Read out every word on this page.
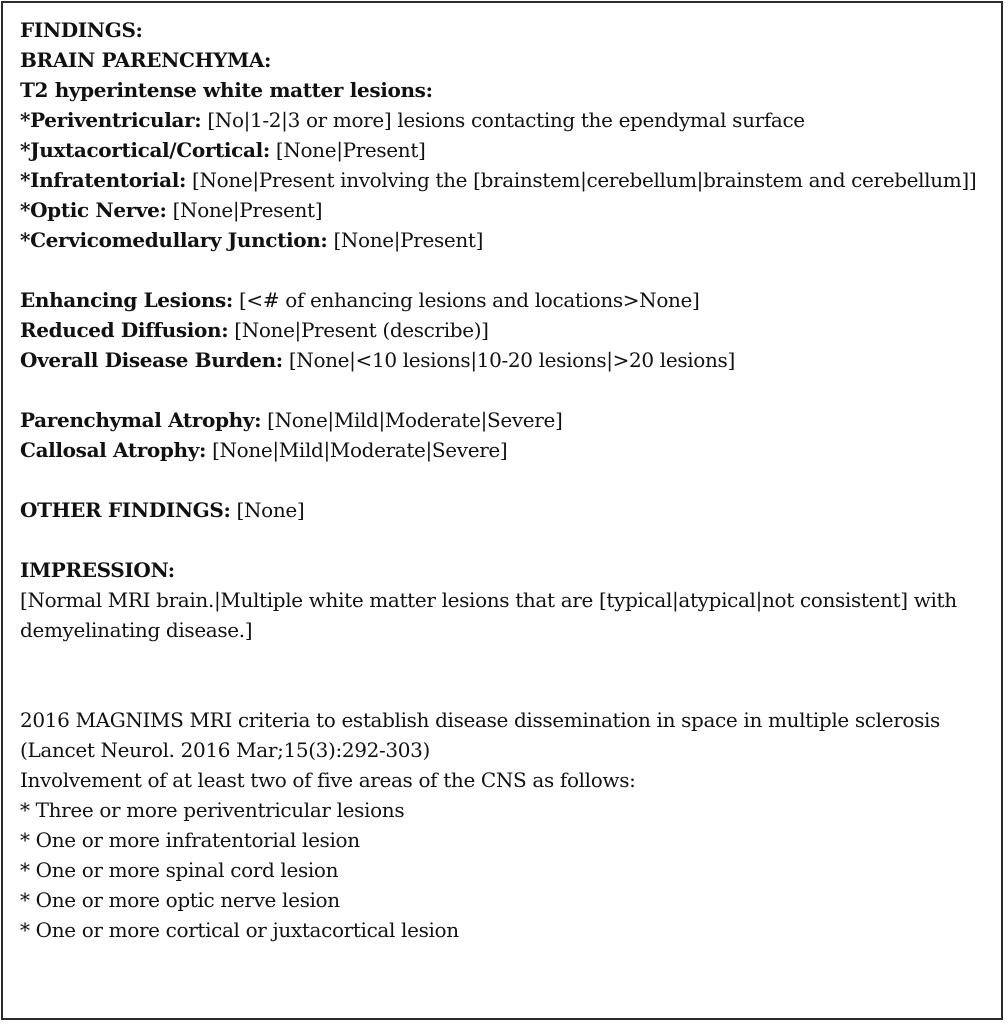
FINDINGS:

BRAIN PARENCHYMA:

T2 hyperintense white matter lesions:

*Periventricular: [No|1-2|3 or more] lesions contacting the ependymal surface

*Juxtacortical/Cortical: [None|Present]

*Infratentorial: [None|Present involving the [brainstem|cerebellum|brainstem and cerebellum]]

*Optic Nerve: [None|Present]

*Cervicomedullary Junction: [None|Present]

Enhancing Lesions: [<# of enhancing lesions and locations>None]

Reduced Diffusion: [None|Present (describe)]

Overall Disease Burden: [None|<10 lesions|10-20 lesions|>20 lesions]

Parenchymal Atrophy: [None|Mild|Moderate|Severe]

Callosal Atrophy: [None|Mild|Moderate|Severe]

OTHER FINDINGS: [None]

IMPRESSION:

[Normal MRI brain.|Multiple white matter lesions that are [typical|atypical|not consistent] with demyelinating disease.]

2016 MAGNIMS MRI criteria to establish disease dissemination in space in multiple sclerosis (Lancet Neurol. 2016 Mar;15(3):292-303)

Involvement of at least two of five areas of the CNS as follows:

* Three or more periventricular lesions

* One or more infratentorial lesion

* One or more spinal cord lesion

* One or more optic nerve lesion

* One or more cortical or juxtacortical lesion
